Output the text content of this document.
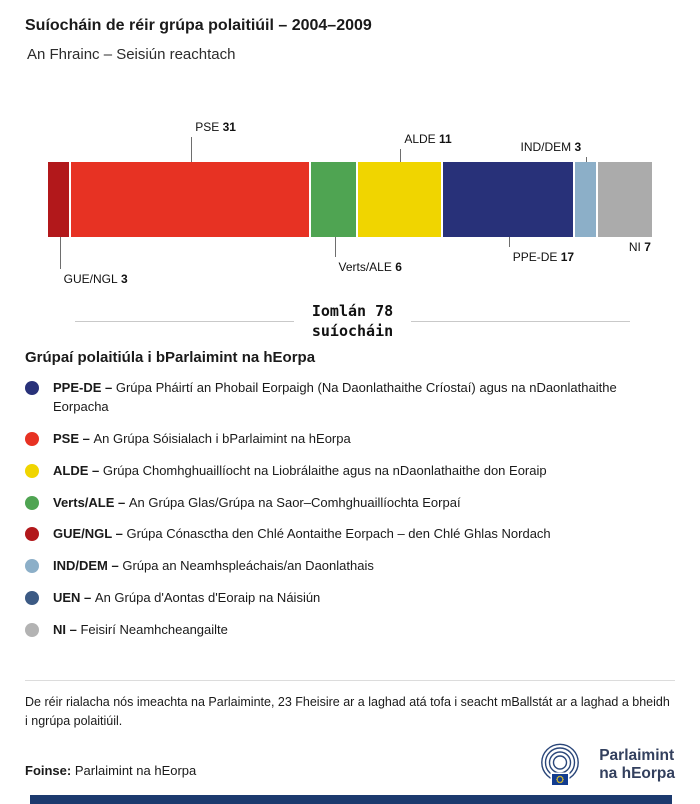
Suíocháin de réir grúpa polaitiúil – 2004–2009
An Fhrainc – Seisiún reachtach
GUE/NGL 3
PSE 31
Verts/ALE 6
ALDE 11
PPE-DE 17
IND/DEM 3
NI 7
Iomlán 78
suíocháin
Grúpaí polaitiúla i bParlaimint na hEorpa
PPE-DE – Grúpa Pháirtí an Phobail Eorpaigh (Na Daonlathaithe Críostaí) agus na nDaonlathaithe Eorpacha
PSE – An Grúpa Sóisialach i bParlaimint na hEorpa
ALDE – Grúpa Chomhghuaillíocht na Liobrálaithe agus na nDaonlathaithe don Eoraip
Verts/ALE – An Grúpa Glas/Grúpa na Saor–Comhghuaillíochta Eorpaí
GUE/NGL – Grúpa Cónasctha den Chlé Aontaithe Eorpach – den Chlé Ghlas Nordach
IND/DEM – Grúpa an Neamhspleáchais/an Daonlathais
UEN – An Grúpa d'Aontas d'Eoraip na Náisiún
NI – Feisirí Neamhcheangailte
De réir rialacha nós imeachta na Parlaiminte, 23 Fheisire ar a laghad atá tofa i seacht mBallstát ar a laghad a bheidh i ngrúpa polaitiúil.
Foinse: Parlaimint na hEorpa
Parlaimint
na hEorpa
